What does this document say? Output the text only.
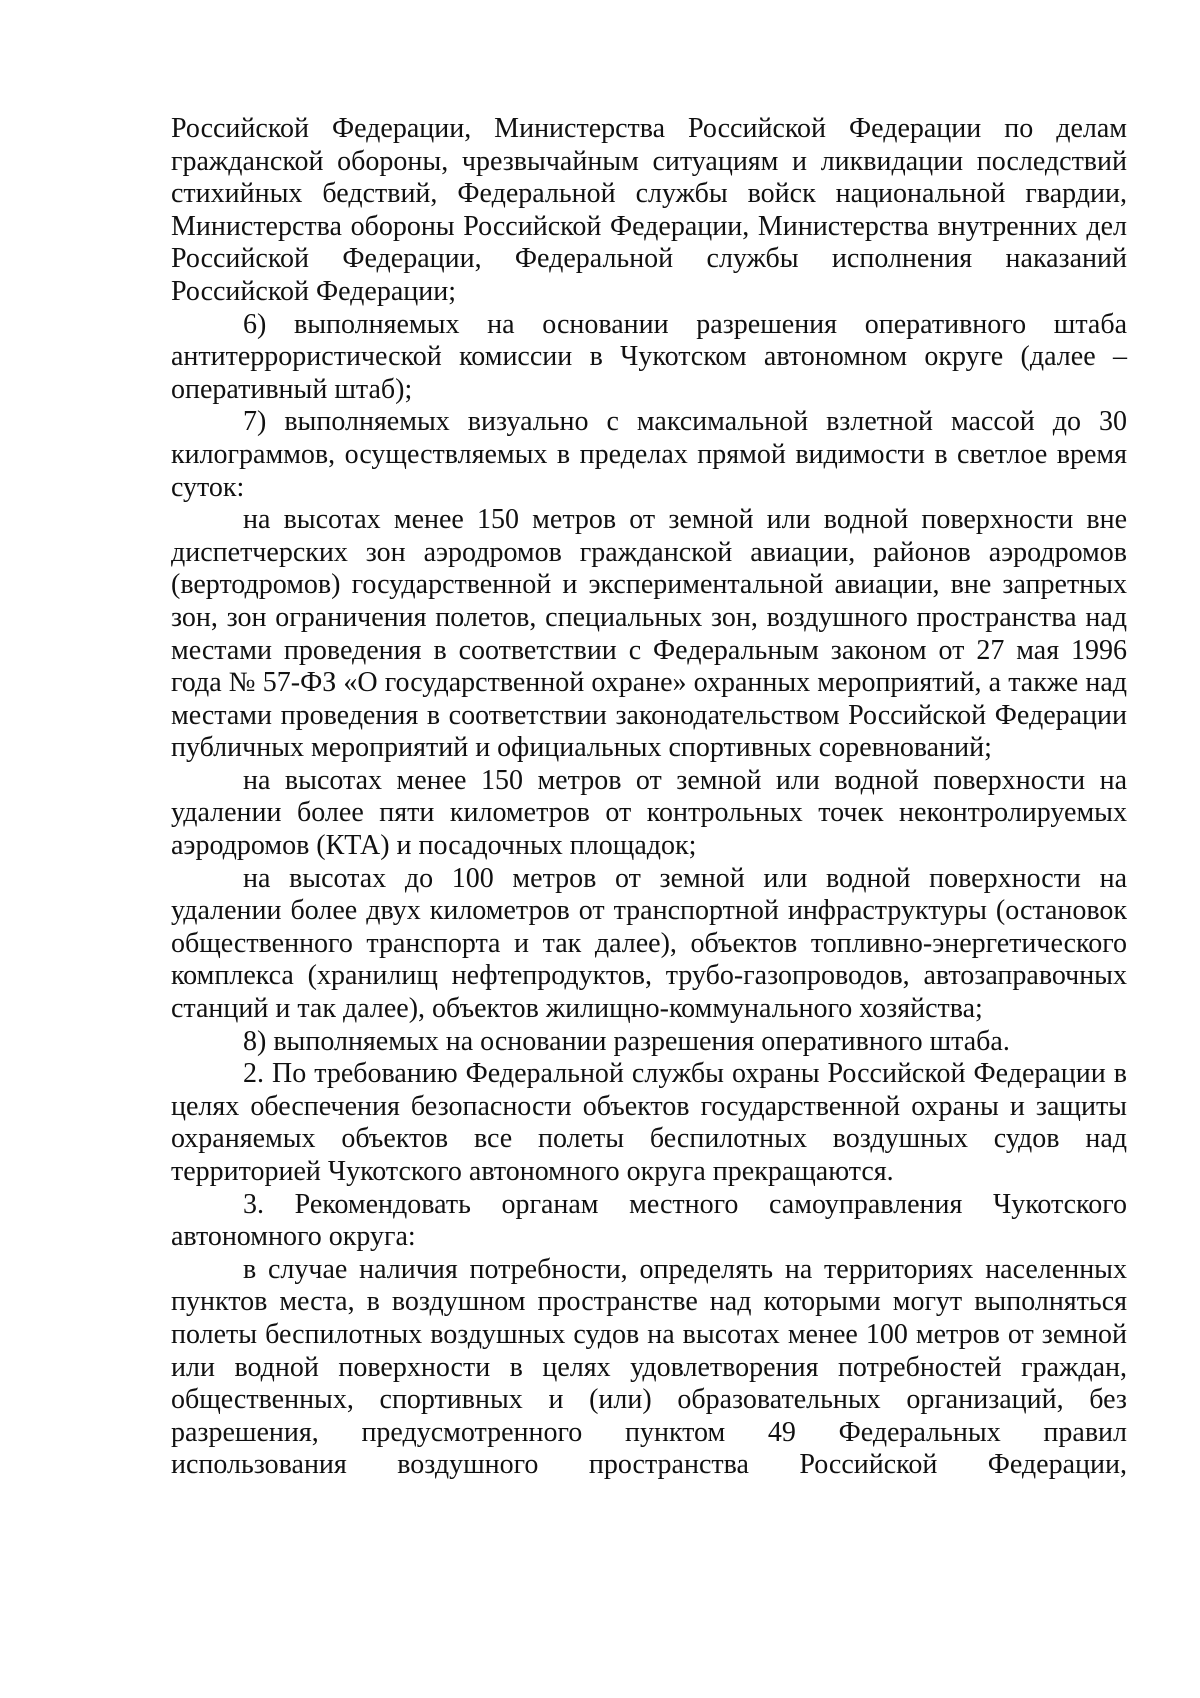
Российской Федерации, Министерства Российской Федерации по делам гражданской обороны, чрезвычайным ситуациям и ликвидации последствий стихийных бедствий, Федеральной службы войск национальной гвардии, Министерства обороны Российской Федерации, Министерства внутренних дел Российской Федерации, Федеральной службы исполнения наказаний Российской Федерации;

6) выполняемых на основании разрешения оперативного штаба антитеррористической комиссии в Чукотском автономном округе (далее – оперативный штаб);

7) выполняемых визуально с максимальной взлетной массой до 30 килограммов, осуществляемых в пределах прямой видимости в светлое время суток:

на высотах менее 150 метров от земной или водной поверхности вне диспетчерских зон аэродромов гражданской авиации, районов аэродромов (вертодромов) государственной и экспериментальной авиации, вне запретных зон, зон ограничения полетов, специальных зон, воздушного пространства над местами проведения в соответствии с Федеральным законом от 27 мая 1996 года № 57-ФЗ «О государственной охране» охранных мероприятий, а также над местами проведения в соответствии законодательством Российской Федерации публичных мероприятий и официальных спортивных соревнований;

на высотах менее 150 метров от земной или водной поверхности на удалении более пяти километров от контрольных точек неконтролируемых аэродромов (КТА) и посадочных площадок;

на высотах до 100 метров от земной или водной поверхности на удалении более двух километров от транспортной инфраструктуры (остановок общественного транспорта и так далее), объектов топливно-энергетического комплекса (хранилищ нефтепродуктов, трубо-газопроводов, автозаправочных станций и так далее), объектов жилищно-коммунального хозяйства;

8) выполняемых на основании разрешения оперативного штаба.

2. По требованию Федеральной службы охраны Российской Федерации в целях обеспечения безопасности объектов государственной охраны и защиты охраняемых объектов все полеты беспилотных воздушных судов над территорией Чукотского автономного округа прекращаются.

3. Рекомендовать органам местного самоуправления Чукотского автономного округа:

в случае наличия потребности, определять на территориях населенных пунктов места, в воздушном пространстве над которыми могут выполняться полеты беспилотных воздушных судов на высотах менее 100 метров от земной или водной поверхности в целях удовлетворения потребностей граждан, общественных, спортивных и (или) образовательных организаций, без разрешения, предусмотренного пунктом 49 Федеральных правил использования воздушного пространства Российской Федерации,
